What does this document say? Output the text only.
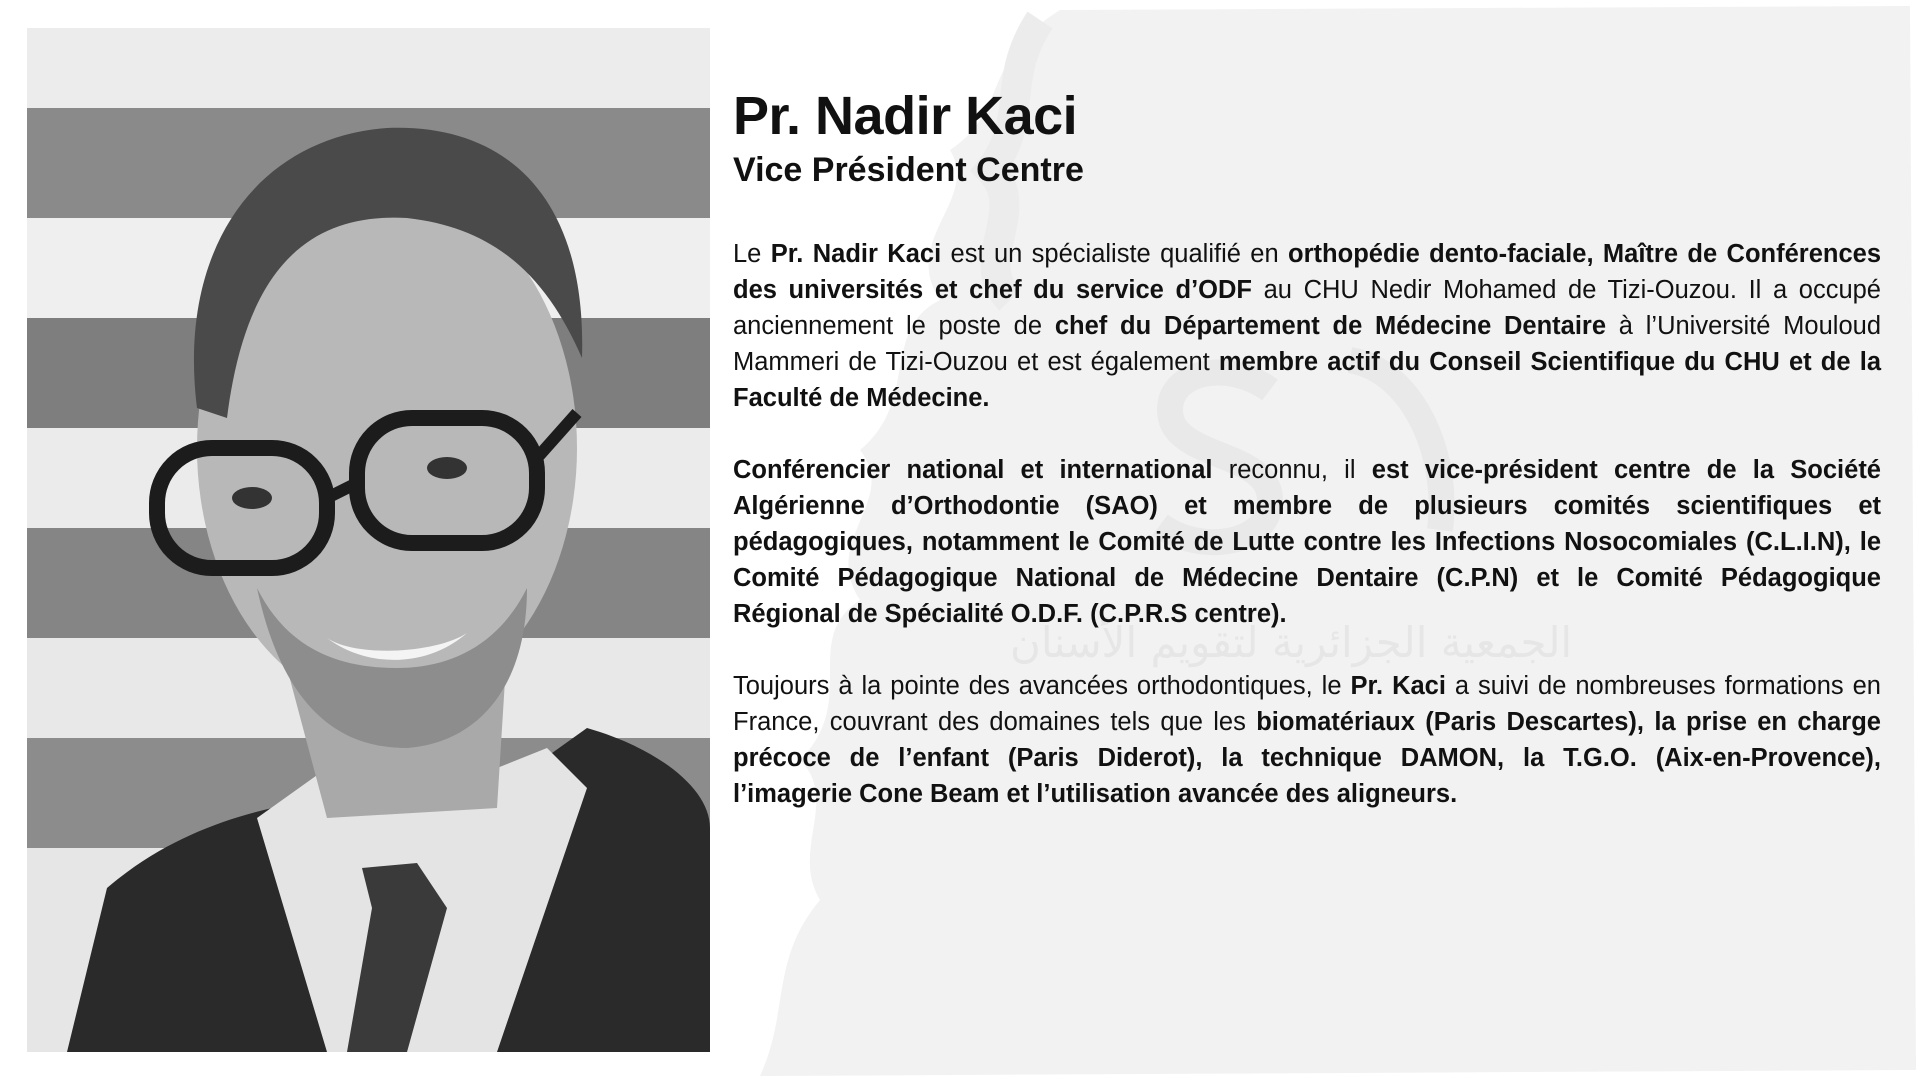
الجمعية الجزائرية لتقويم الأسنان
Pr. Nadir Kaci
Vice Président Centre

Le Pr. Nadir Kaci est un spécialiste qualifié en orthopédie dento-faciale, Maître de Conférences des universités et chef du service d’ODF au CHU Nedir Mohamed de Tizi-Ouzou. Il a occupé anciennement le poste de chef du Département de Médecine Dentaire à l’Université Mouloud Mammeri de Tizi-Ouzou et est également membre actif du Conseil Scientifique du CHU et de la Faculté de Médecine.

Conférencier national et international reconnu, il est vice-président centre de la Société Algérienne d’Orthodontie (SAO) et membre de plusieurs comités scientifiques et pédagogiques, notamment le Comité de Lutte contre les Infections Nosocomiales (C.L.I.N), le Comité Pédagogique National de Médecine Dentaire (C.P.N) et le Comité Pédagogique Régional de Spécialité O.D.F. (C.P.R.S centre).

Toujours à la pointe des avancées orthodontiques, le Pr. Kaci a suivi de nombreuses formations en France, couvrant des domaines tels que les biomatériaux (Paris Descartes), la prise en charge précoce de l’enfant (Paris Diderot), la technique DAMON, la T.G.O. (Aix-en-Provence), l’imagerie Cone Beam et l’utilisation avancée des aligneurs.
